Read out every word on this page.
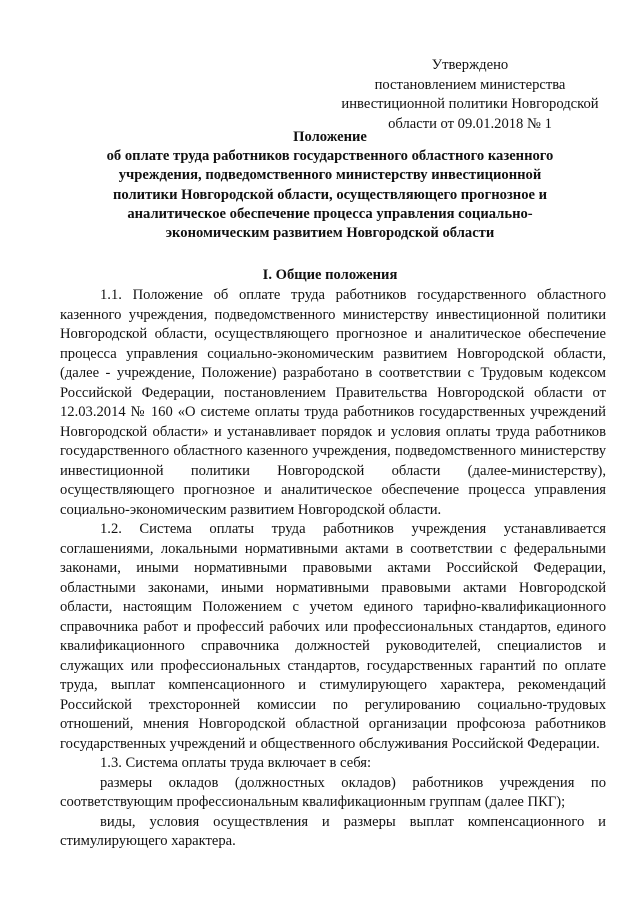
Утверждено
постановлением министерства
инвестиционной политики Новгородской
области от 09.01.2018 № 1
Положение
об оплате труда работников государственного областного казенного
учреждения, подведомственного министерству инвестиционной
политики Новгородской области, осуществляющего прогнозное и
аналитическое обеспечение процесса управления социально-
экономическим развитием Новгородской области
I. Общие положения

1.1. Положение об оплате труда работников государственного областного казенного учреждения, подведомственного министерству инвестиционной политики Новгородской области, осуществляющего прогнозное и аналитическое обеспечение процесса управления социально-экономическим развитием Новгородской области, (далее - учреждение, Положение) разработано в соответствии с Трудовым кодексом Российской Федерации, постановлением Правительства Новгородской области от 12.03.2014 № 160 «О системе оплаты труда работников государственных учреждений Новгородской области» и устанавливает порядок и условия оплаты труда работников государственного областного казенного учреждения, подведомственного министерству инвестиционной политики Новгородской области (далее-министерству), осуществляющего прогнозное и аналитическое обеспечение процесса управления социально-экономическим развитием Новгородской области.

1.2. Система оплаты труда работников учреждения устанавливается соглашениями, локальными нормативными актами в соответствии с федеральными законами, иными нормативными правовыми актами Российской Федерации, областными законами, иными нормативными правовыми актами Новгородской области, настоящим Положением с учетом единого тарифно-квалификационного справочника работ и профессий рабочих или профессиональных стандартов, единого квалификационного справочника должностей руководителей, специалистов и служащих или профессиональных стандартов, государственных гарантий по оплате труда, выплат компенсационного и стимулирующего характера, рекомендаций Российской трехсторонней комиссии по регулированию социально-трудовых отношений, мнения Новгородской областной организации профсоюза работников государственных учреждений и общественного обслуживания Российской Федерации.

1.3. Система оплаты труда включает в себя:

размеры окладов (должностных окладов) работников учреждения по соответствующим профессиональным квалификационным группам (далее ПКГ);

виды, условия осуществления и размеры выплат компенсационного и стимулирующего характера.
